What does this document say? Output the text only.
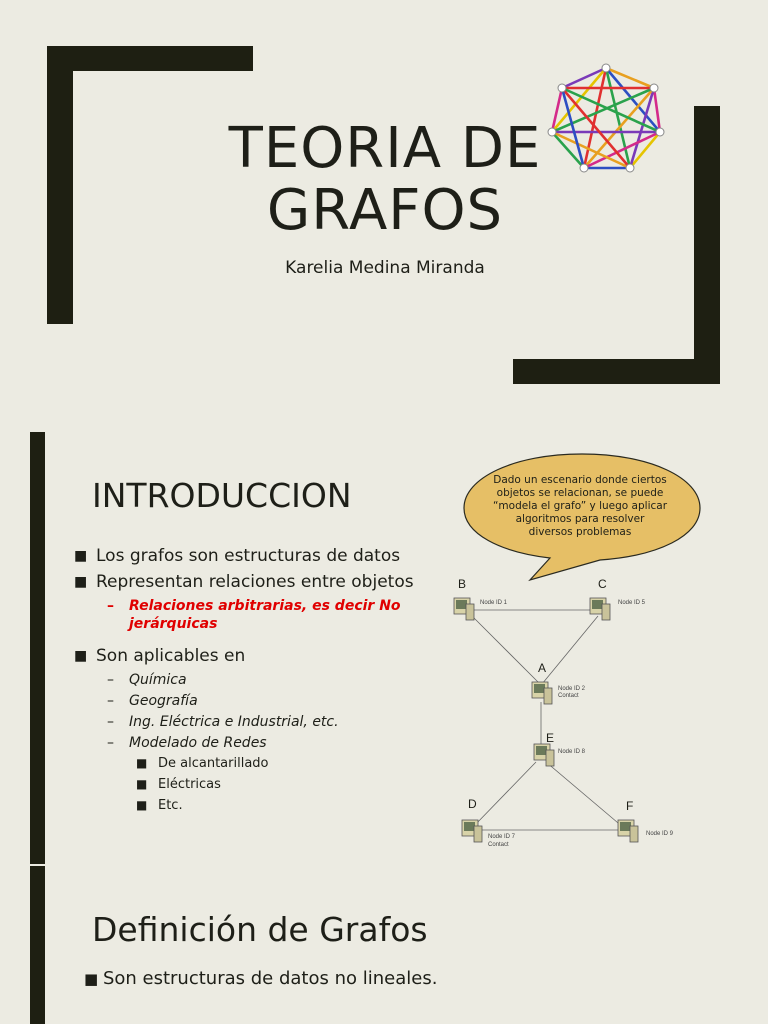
TEORIA DE
GRAFOS
Karelia Medina Miranda
INTRODUCCION
■ Los grafos son estructuras de datos
■ Representan relaciones entre objetos
– Relaciones arbitrarias, es decir No jerárquicas
■ Son aplicables en
– Química
– Geografía
– Ing. Eléctrica e Industrial, etc.
– Modelado de Redes
■ De alcantarillado
■ Eléctricas
■ Etc.
Dado un escenario donde ciertos objetos se relacionan, se puede “modela el grafo” y luego aplicar algoritmos para resolver diversos problemas
B	C
A
E
D	F
Node ID 1	Node ID 5
Node ID 2
Contact
Node ID 8
Node ID 7
Contact
Node ID 9
Definición de Grafos
■ Son estructuras de datos no lineales.
